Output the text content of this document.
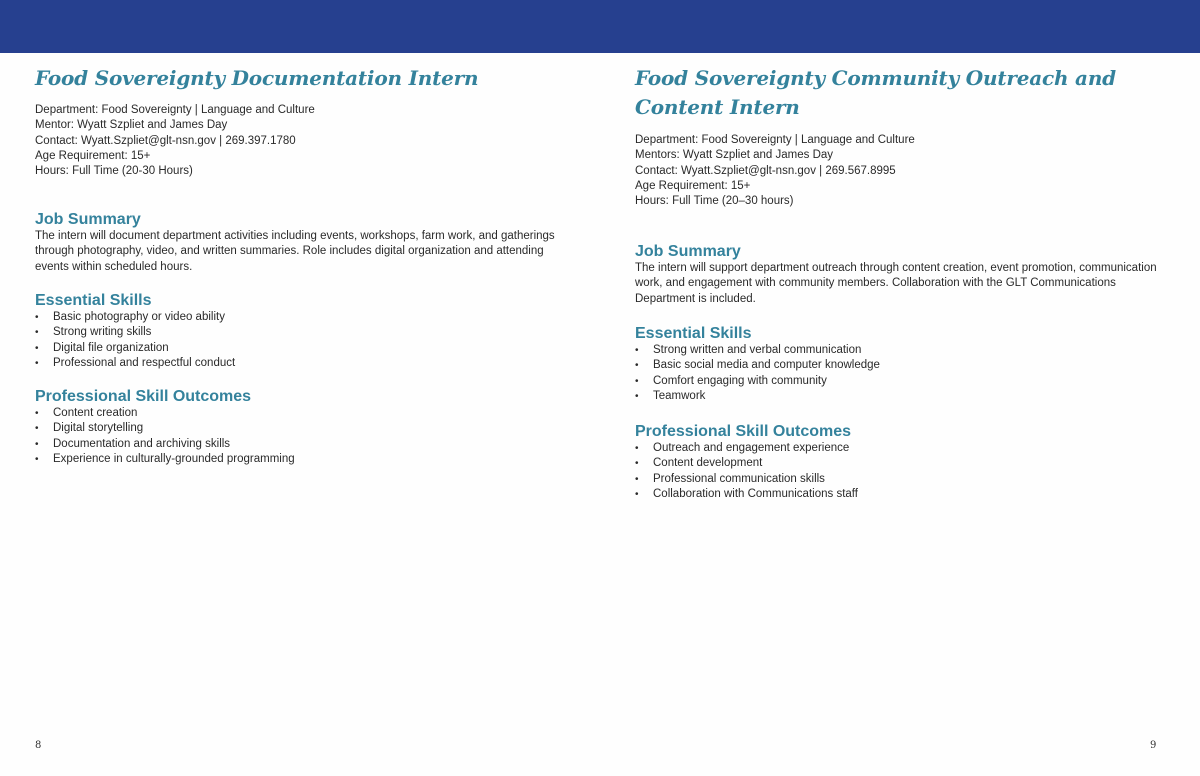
Food Sovereignty Documentation Intern
Department: Food Sovereignty | Language and Culture
Mentor: Wyatt Szpliet and James Day
Contact: Wyatt.Szpliet@glt-nsn.gov | 269.397.1780
Age Requirement: 15+
Hours: Full Time (20-30 Hours)
Job Summary
The intern will document department activities including events, workshops, farm work, and gatherings
through photography, video, and written summaries. Role includes digital organization and attending
events within scheduled hours.
Essential Skills
• Basic photography or video ability
• Strong writing skills
• Digital file organization
• Professional and respectful conduct
Professional Skill Outcomes
• Content creation
• Digital storytelling
• Documentation and archiving skills
• Experience in culturally-grounded programming
Food Sovereignty Community Outreach and
Content Intern
Department: Food Sovereignty | Language and Culture
Mentors: Wyatt Szpliet and James Day
Contact: Wyatt.Szpliet@glt-nsn.gov | 269.567.8995
Age Requirement: 15+
Hours: Full Time (20–30 hours)
Job Summary
The intern will support department outreach through content creation, event promotion, communication
work, and engagement with community members. Collaboration with the GLT Communications
Department is included.
Essential Skills
• Strong written and verbal communication
• Basic social media and computer knowledge
• Comfort engaging with community
• Teamwork
Professional Skill Outcomes
• Outreach and engagement experience
• Content development
• Professional communication skills
• Collaboration with Communications staff
8	9
